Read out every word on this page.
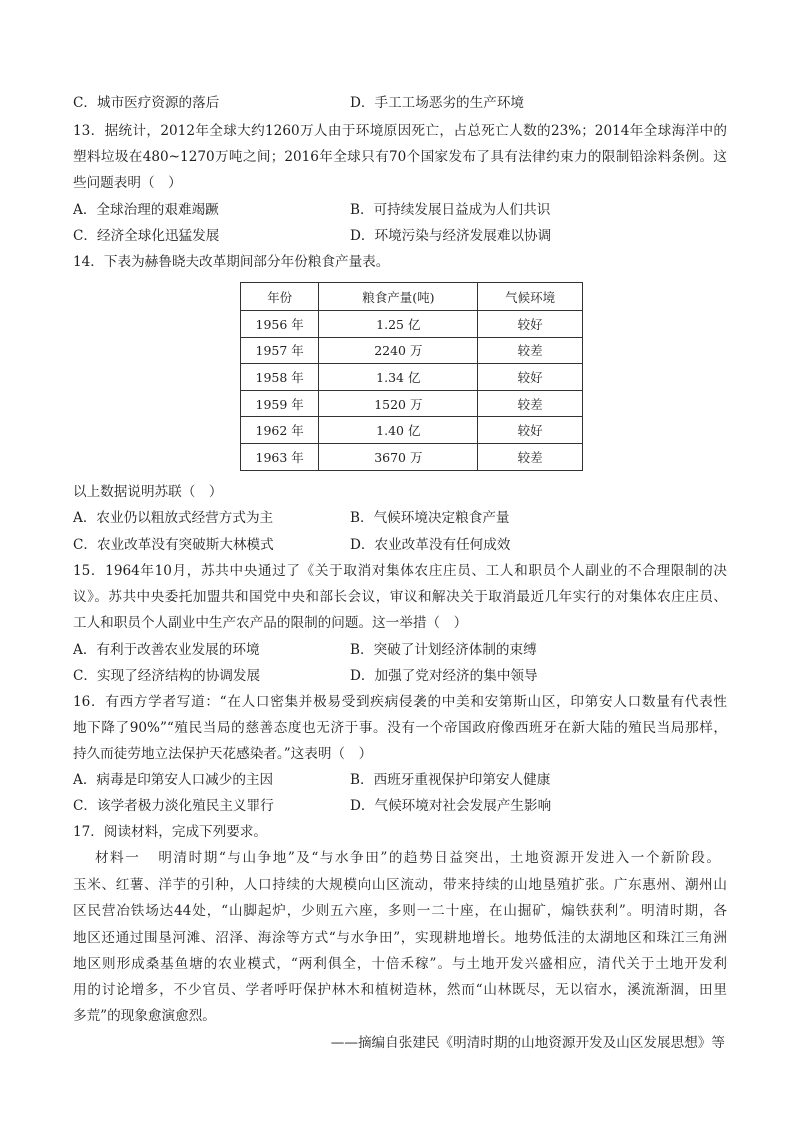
C．城市医疗资源的落后	D．手工工场恶劣的生产环境
13．据统计，2012年全球大约1260万人由于环境原因死亡，占总死亡人数的23%；2014年全球海洋中的
塑料垃圾在480~1270万吨之间；2016年全球只有70个国家发布了具有法律约束力的限制铅涂料条例。这
些问题表明（　）
A．全球治理的艰难竭蹶	B．可持续发展日益成为人们共识
C．经济全球化迅猛发展	D．环境污染与经济发展难以协调
14．下表为赫鲁晓夫改革期间部分年份粮食产量表。
年份	粮食产量(吨)	气候环境
1956 年	1.25 亿	较好
1957 年	2240 万	较差
1958 年	1.34 亿	较好
1959 年	1520 万	较差
1962 年	1.40 亿	较好
1963 年	3670 万	较差
以上数据说明苏联（　）
A．农业仍以粗放式经营方式为主	B．气候环境决定粮食产量
C．农业改革没有突破斯大林模式	D．农业改革没有任何成效
15．1964年10月，苏共中央通过了《关于取消对集体农庄庄员、工人和职员个人副业的不合理限制的决
议》。苏共中央委托加盟共和国党中央和部长会议，审议和解决关于取消最近几年实行的对集体农庄庄员、
工人和职员个人副业中生产农产品的限制的问题。这一举措（　）
A．有利于改善农业发展的环境	B．突破了计划经济体制的束缚
C．实现了经济结构的协调发展	D．加强了党对经济的集中领导
16．有西方学者写道：“在人口密集并极易受到疾病侵袭的中美和安第斯山区，印第安人口数量有代表性
地下降了90%”“殖民当局的慈善态度也无济于事。没有一个帝国政府像西班牙在新大陆的殖民当局那样，
持久而徒劳地立法保护天花感染者。”这表明（　）
A．病毒是印第安人口减少的主因	B．西班牙重视保护印第安人健康
C．该学者极力淡化殖民主义罪行	D．气候环境对社会发展产生影响
17．阅读材料，完成下列要求。
材料一 明清时期“与山争地”及“与水争田”的趋势日益突出，土地资源开发进入一个新阶段。
玉米、红薯、洋芋的引种，人口持续的大规模向山区流动，带来持续的山地垦殖扩张。广东惠州、潮州山
区民营冶铁场达44处，“山脚起炉，少则五六座，多则一二十座，在山掘矿，煽铁获利”。明清时期，各
地区还通过围垦河滩、沼泽、海涂等方式“与水争田”，实现耕地增长。地势低洼的太湖地区和珠江三角洲
地区则形成桑基鱼塘的农业模式，“两利俱全，十倍禾稼”。与土地开发兴盛相应，清代关于土地开发利
用的讨论增多，不少官员、学者呼吁保护林木和植树造林，然而“山林既尽，无以宿水，溪流渐涸，田里
多荒”的现象愈演愈烈。
——摘编自张建民《明清时期的山地资源开发及山区发展思想》等
